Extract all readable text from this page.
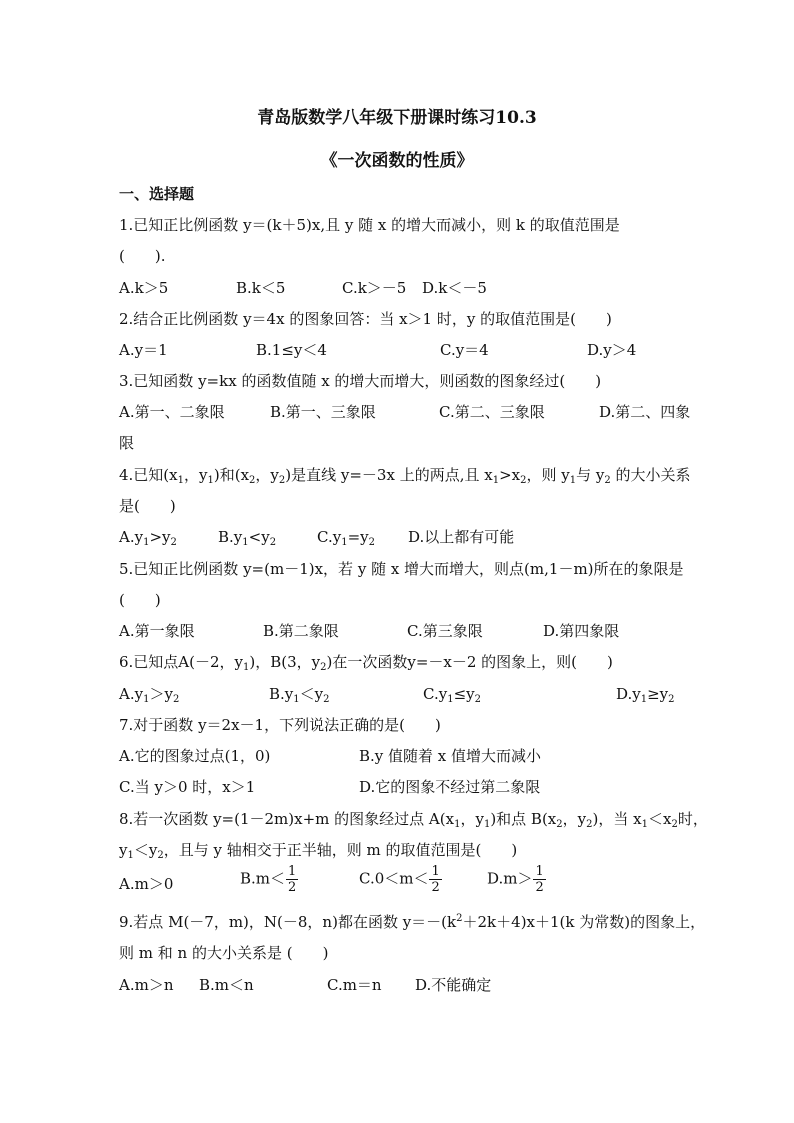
青岛版数学八年级下册课时练习10.3
《一次函数的性质》
一、选择题
1.已知正比例函数 y＝(k＋5)x,且 y 随 x 的增大而减小，则 k 的取值范围是
(　　).
A.k＞5	B.k＜5	C.k＞－5 D.k＜－5
2.结合正比例函数 y＝4x 的图象回答：当 x＞1 时，y 的取值范围是(　　)
A.y＝1	B.1≤y＜4	C.y＝4	D.y＞4
3.已知函数 y=kx 的函数值随 x 的增大而增大，则函数的图象经过(　　)
A.第一、二象限	B.第一、三象限	C.第二、三象限	D.第二、四象
限
4.已知($x_1$，$y_1$)和($x_2$，$y_2$)是直线 y=－3x 上的两点,且 $x_1>x_2$，则 $y_1$与 $y_2$ 的大小关系
是(　　)
$A.y_1>y_2$	$B.y_1<y_2$	$C.y_1=y_2$ D.以上都有可能
5.已知正比例函数 y=(m－1)x，若 y 随 x 增大而增大，则点(m,1－m)所在的象限是
(　　)
A.第一象限	B.第二象限	C.第三象限	D.第四象限
6.已知点A(－2，$y_1$)，B(3，$y_2$)在一次函数y=－x－2 的图象上，则(　　)
$A.y_1>y_2$	$B.y_1<y_2$	$C.y_1\le y_2$	$D.y_1\ge y_2$
7.对于函数 y＝2x－1，下列说法正确的是(　　)
A.它的图象过点(1，0)	B.y 值随着 x 值增大而减小
C.当 y＞0 时，x＞1	D.它的图象不经过第二象限
8.若一次函数 y=(1－2m)x+m 的图象经过点 $A(x_1$，$y_1$)和点 $B(x_2$，$y_2$)，当 $x_1<x_2$时，
$y_1<y_2$，且与 y 轴相交于正半轴，则 m 的取值范围是(　　)
A.m＞0	$B.m< \frac{1}{2}$	$C.0<m< \frac{1}{2}$	$D.m> \frac{1}{2}$
9.若点 M(－7，m)，N(－8，n)都在函数 $y=-(k^2+2k+4)x+1(k$ 为常数)的图象上，
则 m 和 n 的大小关系是 (　　)
A.m＞n B.m＜n	C.m＝n D.不能确定
